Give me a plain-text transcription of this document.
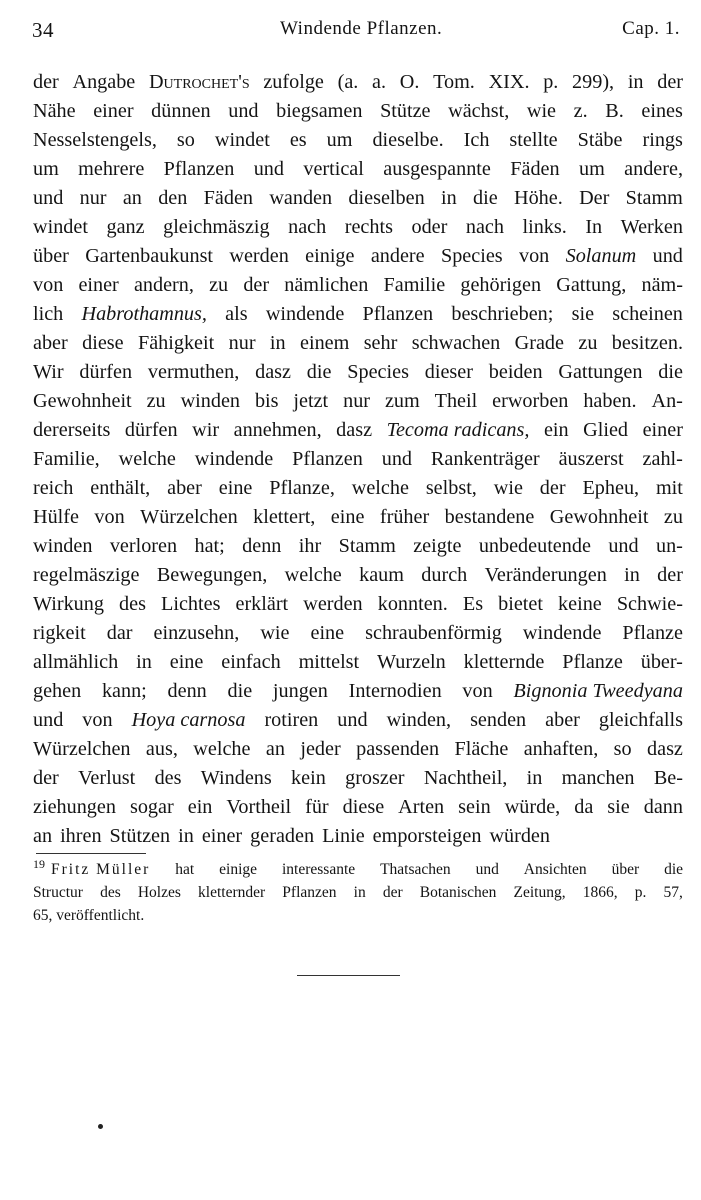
34	Windende Pflanzen.	Cap. 1.
der Angabe Dutrochet's zufolge (a. a. O. Tom. XIX. p. 299), in der
Nähe einer dünnen und biegsamen Stütze wächst, wie z. B. eines
Nesselstengels, so windet es um dieselbe. Ich stellte Stäbe rings
um mehrere Pflanzen und vertical ausgespannte Fäden um andere,
und nur an den Fäden wanden dieselben in die Höhe. Der Stamm
windet ganz gleichmäszig nach rechts oder nach links. In Werken
über Gartenbaukunst werden einige andere Species von Solanum und
von einer andern, zu der nämlichen Familie gehörigen Gattung, näm-
lich Habrothamnus, als windende Pflanzen beschrieben; sie scheinen
aber diese Fähigkeit nur in einem sehr schwachen Grade zu besitzen.
Wir dürfen vermuthen, dasz die Species dieser beiden Gattungen die
Gewohnheit zu winden bis jetzt nur zum Theil erworben haben. An-
dererseits dürfen wir annehmen, dasz Tecoma radicans, ein Glied einer
Familie, welche windende Pflanzen und Rankenträger äuszerst zahl-
reich enthält, aber eine Pflanze, welche selbst, wie der Epheu, mit
Hülfe von Würzelchen klettert, eine früher bestandene Gewohnheit zu
winden verloren hat; denn ihr Stamm zeigte unbedeutende und un-
regelmäszige Bewegungen, welche kaum durch Veränderungen in der
Wirkung des Lichtes erklärt werden konnten. Es bietet keine Schwie-
rigkeit dar einzusehn, wie eine schraubenförmig windende Pflanze
allmählich in eine einfach mittelst Wurzeln kletternde Pflanze über-
gehen kann; denn die jungen Internodien von Bignonia Tweedyana
und von Hoya carnosa rotiren und winden, senden aber gleichfalls
Würzelchen aus, welche an jeder passenden Fläche anhaften, so dasz
der Verlust des Windens kein groszer Nachtheil, in manchen Be-
ziehungen sogar ein Vortheil für diese Arten sein würde, da sie dann
an ihren Stützen in einer geraden Linie emporsteigen würden
$^{19}$ Fritz Müller hat einige interessante Thatsachen und Ansichten über die
Structur des Holzes kletternder Pflanzen in der Botanischen Zeitung, 1866, p. 57,
65, veröffentlicht.
